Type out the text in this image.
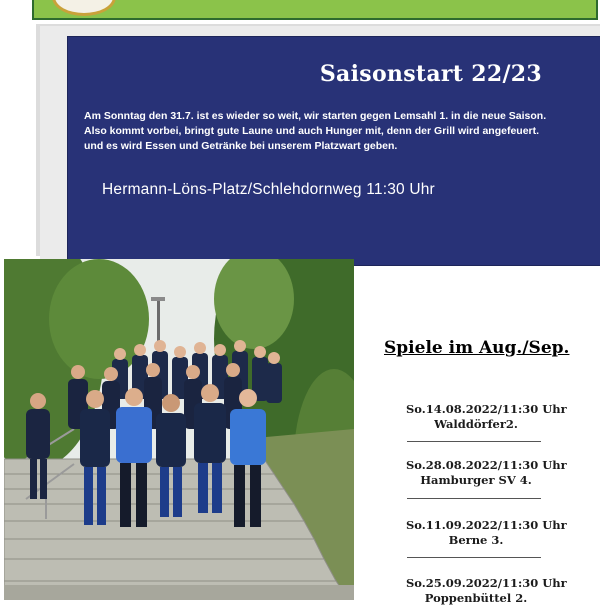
Saisonstart 22/23
Am Sonntag den 31.7. ist es wieder so weit, wir starten gegen Lemsahl 1. in die neue Saison.
Also kommt vorbei, bringt gute Laune und auch Hunger mit, denn der Grill wird angefeuert.
und es wird Essen und Getränke bei unserem Platzwart geben.
Hermann-Löns-Platz/Schlehdornweg 11:30 Uhr
Spiele im Aug./Sep.
So.14.08.2022/11:30 Uhr
Walddörfer2.
So.28.08.2022/11:30 Uhr
Hamburger SV 4.
So.11.09.2022/11:30 Uhr
Berne 3.
So.25.09.2022/11:30 Uhr
Poppenbüttel 2.
